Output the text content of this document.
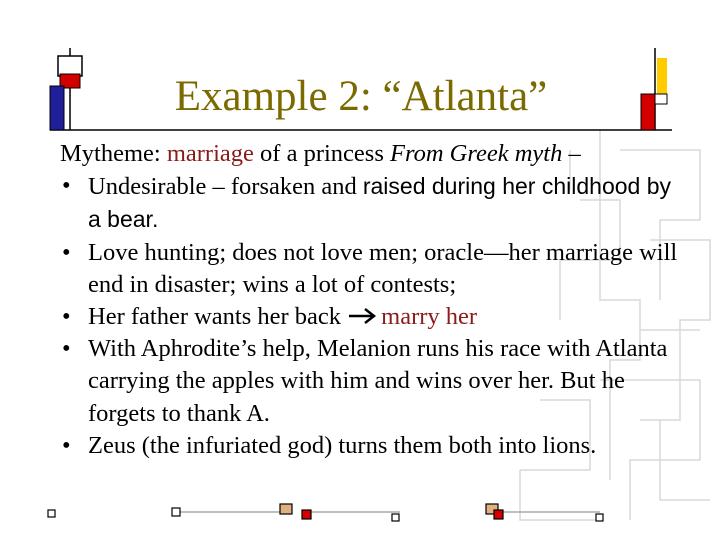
Example 2: “Atlanta”
Mytheme: marriage of a princess From Greek myth –
• Undesirable – forsaken and raised during her childhood by a bear.
• Love hunting; does not love men; oracle—her marriage will end in disaster; wins a lot of contests;
• Her father wants her back marry her
• With Aphrodite’s help, Melanion runs his race with Atlanta carrying the apples with him and wins over her. But he forgets to thank A.
• Zeus (the infuriated god) turns them both into lions.
